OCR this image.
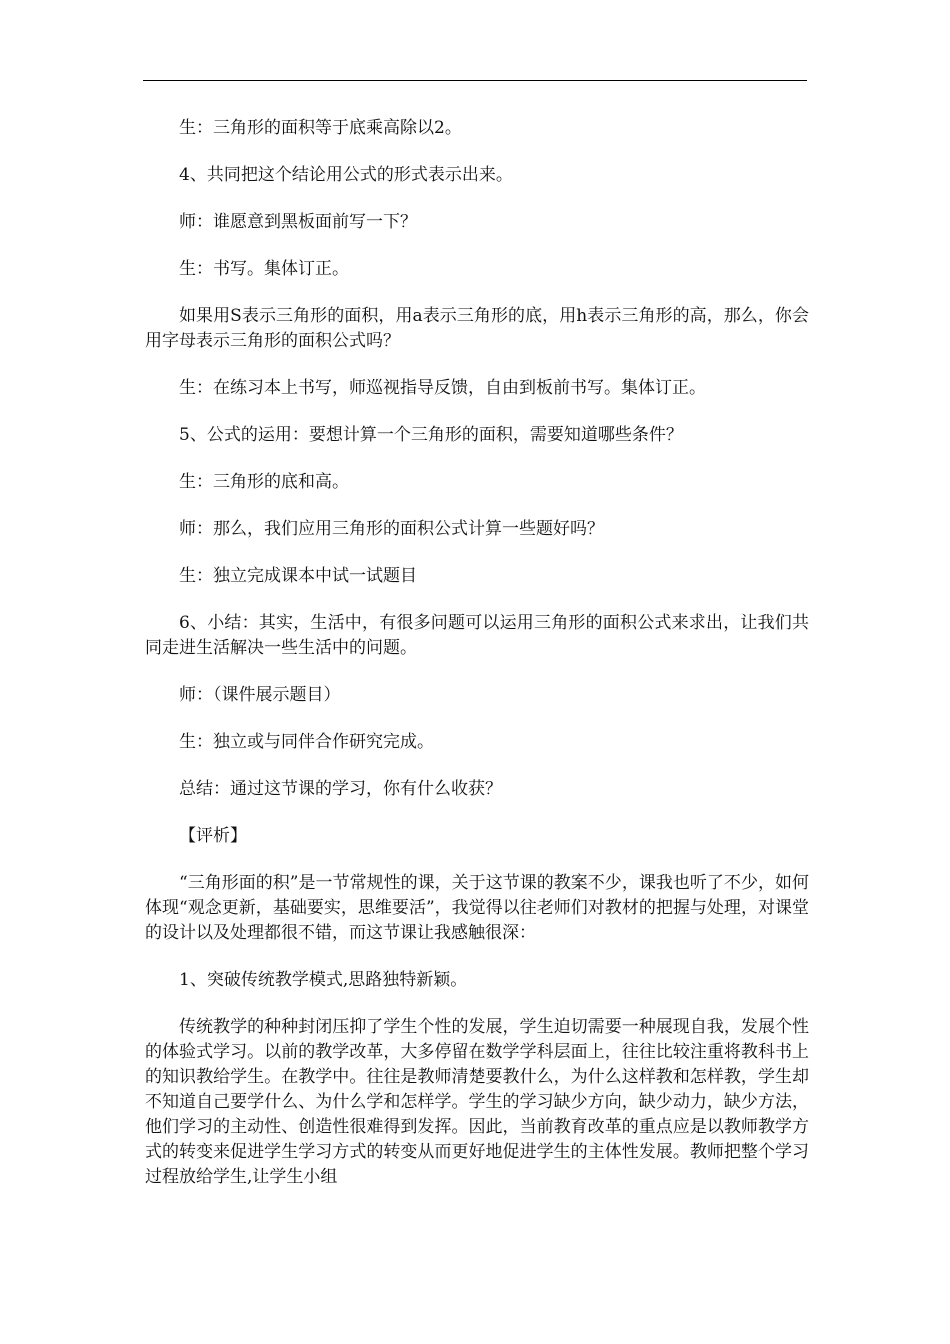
生：三角形的面积等于底乘高除以2。

4、共同把这个结论用公式的形式表示出来。

师：谁愿意到黑板面前写一下？

生：书写。集体订正。

如果用S表示三角形的面积，用a表示三角形的底，用h表示三角形的高，那么，你会用字母表示三角形的面积公式吗？

生：在练习本上书写，师巡视指导反馈，自由到板前书写。集体订正。

5、公式的运用：要想计算一个三角形的面积，需要知道哪些条件？

生：三角形的底和高。

师：那么，我们应用三角形的面积公式计算一些题好吗？

生：独立完成课本中试一试题目

6、小结：其实，生活中，有很多问题可以运用三角形的面积公式来求出，让我们共同走进生活解决一些生活中的问题。

师：（课件展示题目）

生：独立或与同伴合作研究完成。

总结：通过这节课的学习，你有什么收获？

【评析】

“三角形面的积”是一节常规性的课，关于这节课的教案不少，课我也听了不少，如何体现“观念更新，基础要实，思维要活”，我觉得以往老师们对教材的把握与处理，对课堂的设计以及处理都很不错，而这节课让我感触很深：

1、突破传统教学模式,思路独特新颖。

传统教学的种种封闭压抑了学生个性的发展，学生迫切需要一种展现自我，发展个性的体验式学习。以前的教学改革，大多停留在数学学科层面上，往往比较注重将教科书上的知识教给学生。在教学中。往往是教师清楚要教什么，为什么这样教和怎样教，学生却不知道自己要学什么、为什么学和怎样学。学生的学习缺少方向，缺少动力，缺少方法，他们学习的主动性、创造性很难得到发挥。因此，当前教育改革的重点应是以教师教学方式的转变来促进学生学习方式的转变从而更好地促进学生的主体性发展。教师把整个学习过程放给学生,让学生小组
